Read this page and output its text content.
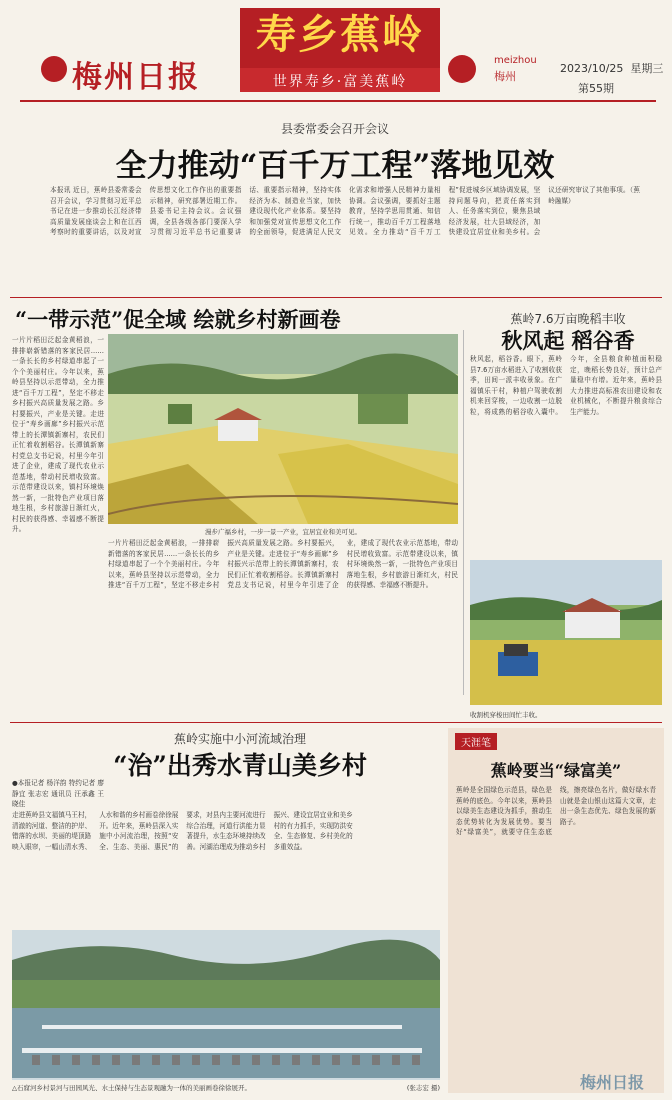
梅州日报
寿乡蕉岭
世界寿乡·富美蕉岭
meizhou
梅州
2023/10/25 星期三
第55期
县委常委会召开会议
全力推动“百千万工程”落地见效
本报讯 近日，蕉岭县委常委会召开会议，学习贯彻习近平总书记在进一步推动长江经济带高质量发展座谈会上和在江西考察时的重要讲话，以及对宣传思想文化工作作出的重要指示精神，研究部署近期工作。县委书记主持会议。会议强调，全县各级各部门要深入学习贯彻习近平总书记重要讲话、重要指示精神，坚持实体经济为本、制造业当家，加快建设现代化产业体系。要坚持和加强党对宣传思想文化工作的全面领导，促进满足人民文化需求和增强人民精神力量相协调。会议强调，要抓好主题教育，坚持学思用贯通、知信行统一，推动百千万工程落地见效。全力推动“百千万工程”促进城乡区域协调发展，坚持问题导向，把责任落实到人、任务落实到位，聚焦县域经济发展，壮大县域经济，加快建设宜居宜业和美乡村。会议还研究审议了其他事项。（蕉岭融媒）
“一带示范”促全域 绘就乡村新画卷
一片片稻田泛起金黄稻浪，一排排崭新错落的客家民居……一条长长的乡村绿道串起了一个个美丽村庄。今年以来，蕉岭县坚持以示范带动，全力推进“百千万工程”，坚定不移走乡村振兴高质量发展之路。乡村要振兴，产业是关键。走进位于“寿乡画廊”乡村振兴示范带上的长潭镇新寨村，农民们正忙着收割稻谷。长潭镇新寨村党总支书记说，村里今年引进了企业，建成了现代农业示范基地，带动村民增收致富。示范带建设以来，镇村环境焕然一新，一批特色产业项目落地生根，乡村旅游日渐红火，村民的获得感、幸福感不断提升。	漫步广福乡村，一步一景一产业，宜居宜业和美可见。
一片片稻田泛起金黄稻浪，一排排崭新错落的客家民居……一条长长的乡村绿道串起了一个个美丽村庄。今年以来，蕉岭县坚持以示范带动，全力推进“百千万工程”，坚定不移走乡村振兴高质量发展之路。乡村要振兴，产业是关键。走进位于“寿乡画廊”乡村振兴示范带上的长潭镇新寨村，农民们正忙着收割稻谷。长潭镇新寨村党总支书记说，村里今年引进了企业，建成了现代农业示范基地，带动村民增收致富。示范带建设以来，镇村环境焕然一新，一批特色产业项目落地生根，乡村旅游日渐红火，村民的获得感、幸福感不断提升。
蕉岭7.6万亩晚稻丰收
秋风起 稻谷香
秋风起，稻谷香。眼下，蕉岭县7.6万亩水稻进入了收割收获季，田间一派丰收景象。在广福镇乐干村，种植户驾驶收割机来回穿梭，一边收割一边脱粒，将成熟的稻谷收入囊中。今年，全县粮食种植面积稳定，晚稻长势良好，预计总产量稳中有增。近年来，蕉岭县大力推进高标准农田建设和农业机械化，不断提升粮食综合生产能力。
收割机穿梭田间忙丰收。
蕉岭实施中小河流域治理
“治”出秀水青山美乡村
●本报记者 杨洋韵 特约记者 廖静宜 张志宏 通讯员 汪承鑫 王晓佳
走进蕉岭县文福镇马王村，清澈的河道、整洁的护岸、错落的水坝、美丽的堤顶路映入眼帘，一幅山清水秀、人水和谐的乡村画卷徐徐展开。近年来，蕉岭县深入实施中小河流治理，按照“安全、生态、美丽、惠民”的要求，对县内主要河流进行综合治理，河道行洪能力显著提升，水生态环境持续改善。河湖治理成为推动乡村振兴、建设宜居宜业和美乡村的有力抓手，实现防洪安全、生态修复、乡村美化的多重效益。
△石窟河乡村景河与田园风光、水土保持与生态景观融为一体的美丽画卷徐徐展开。	(张志宏 摄)
天涯笔
蕉岭要当“绿富美”
蕉岭是全国绿色示范县，绿色是蕉岭的底色。今年以来，蕉岭县以绿美生态建设为抓手，推动生态优势转化为发展优势。要当好“绿富美”，就要守住生态底线，擦亮绿色名片，做好绿水青山就是金山银山这篇大文章，走出一条生态优先、绿色发展的新路子。
梅州日报
